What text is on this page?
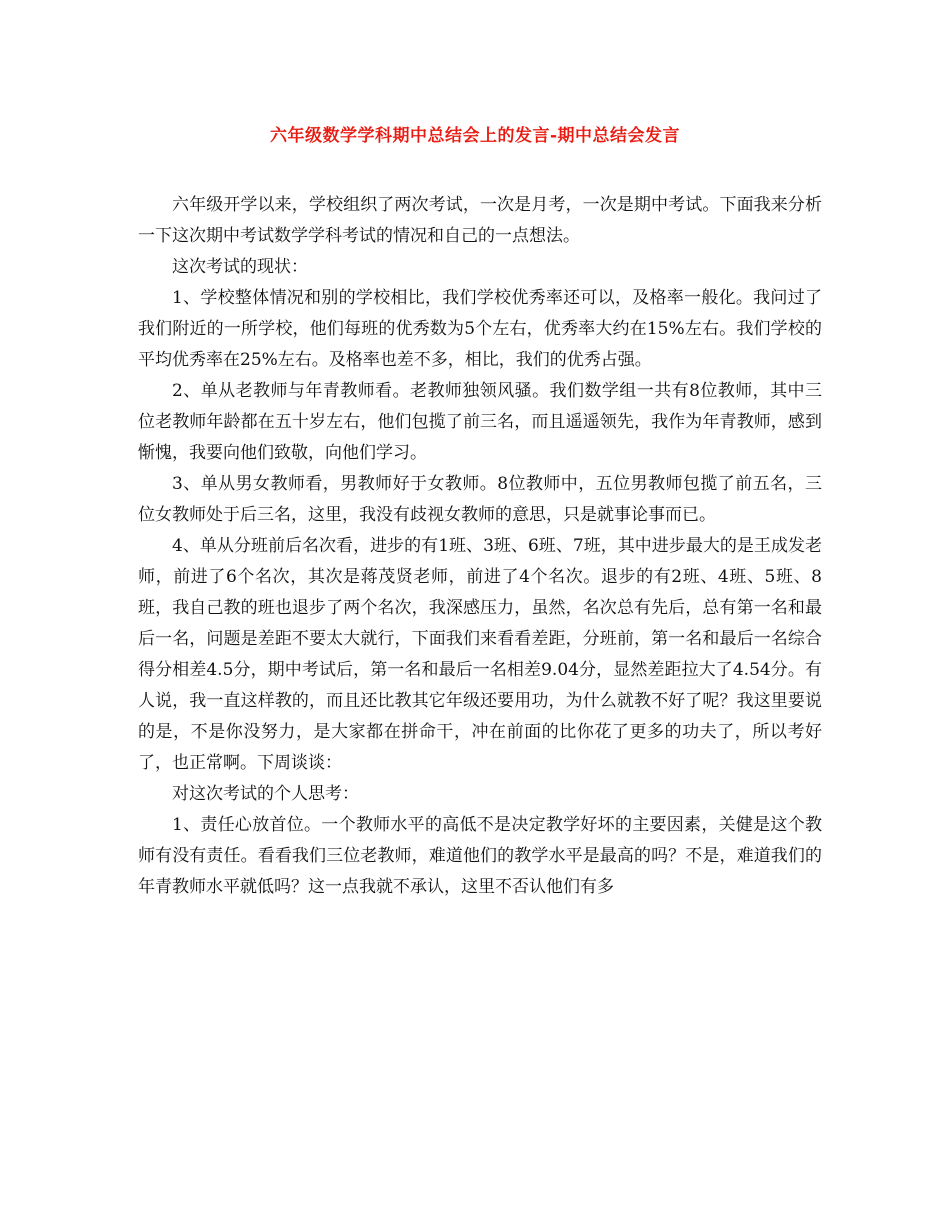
六年级数学学科期中总结会上的发言-期中总结会发言

六年级开学以来，学校组织了两次考试，一次是月考，一次是期中考试。下面我来分析一下这次期中考试数学学科考试的情况和自己的一点想法。

这次考试的现状：

1、学校整体情况和别的学校相比，我们学校优秀率还可以，及格率一般化。我问过了我们附近的一所学校，他们每班的优秀数为5个左右，优秀率大约在15%左右。我们学校的平均优秀率在25%左右。及格率也差不多，相比，我们的优秀占强。

2、单从老教师与年青教师看。老教师独领风骚。我们数学组一共有8位教师，其中三位老教师年龄都在五十岁左右，他们包揽了前三名，而且遥遥领先，我作为年青教师，感到惭愧，我要向他们致敬，向他们学习。

3、单从男女教师看，男教师好于女教师。8位教师中，五位男教师包揽了前五名，三位女教师处于后三名，这里，我没有歧视女教师的意思，只是就事论事而已。

4、单从分班前后名次看，进步的有1班、3班、6班、7班，其中进步最大的是王成发老师，前进了6个名次，其次是蒋茂贤老师，前进了4个名次。退步的有2班、4班、5班、8班，我自己教的班也退步了两个名次，我深感压力，虽然，名次总有先后，总有第一名和最后一名，问题是差距不要太大就行，下面我们来看看差距，分班前，第一名和最后一名综合得分相差4.5分，期中考试后，第一名和最后一名相差9.04分，显然差距拉大了4.54分。有人说，我一直这样教的，而且还比教其它年级还要用功，为什么就教不好了呢？我这里要说的是，不是你没努力，是大家都在拼命干，冲在前面的比你花了更多的功夫了，所以考好了，也正常啊。下周谈谈：

对这次考试的个人思考：

1、责任心放首位。一个教师水平的高低不是决定教学好坏的主要因素，关健是这个教师有没有责任。看看我们三位老教师，难道他们的教学水平是最高的吗？不是，难道我们的年青教师水平就低吗？这一点我就不承认，这里不否认他们有多
